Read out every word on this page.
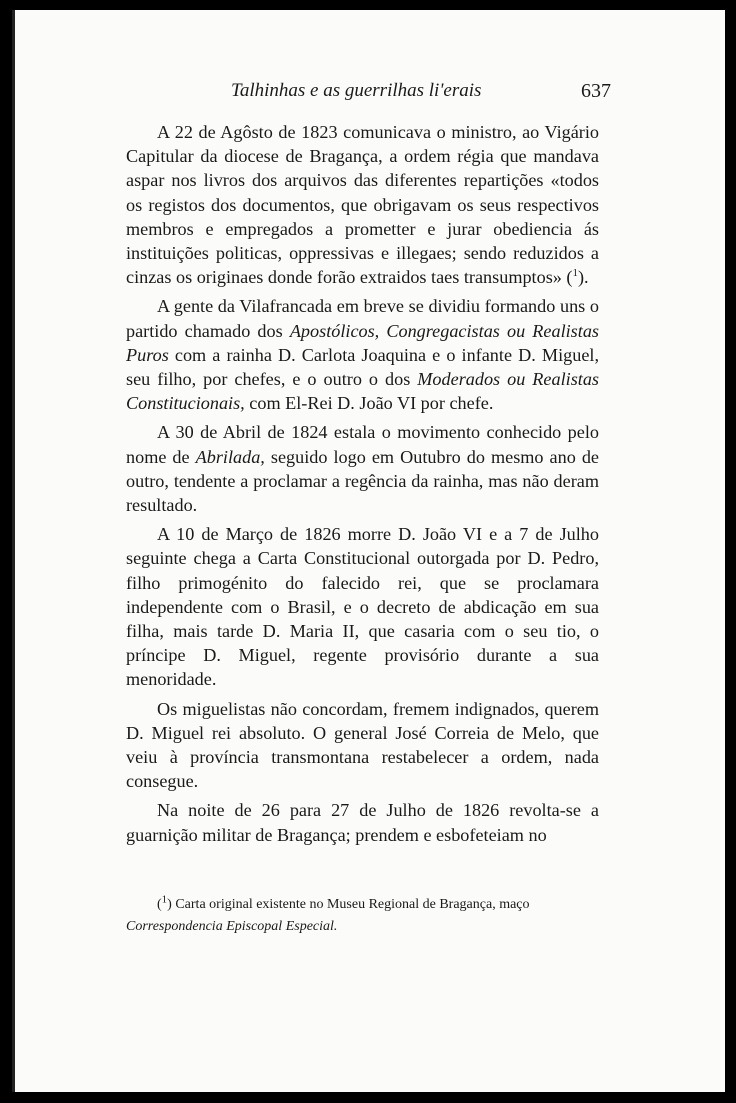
Talhinhas e as guerrilhas li'erais	637

A 22 de Agôsto de 1823 comunicava o ministro, ao Vigário Capitular da diocese de Bragança, a ordem régia que mandava aspar nos livros dos arquivos das diferentes repartições «todos os registos dos documentos, que obrigavam os seus respectivos membros e empregados a prometter e jurar obediencia ás instituições politicas, oppressivas e illegaes; sendo reduzidos a cinzas os originaes donde forão extraidos taes transumptos» ($^1$).

A gente da Vilafrancada em breve se dividiu formando uns o partido chamado dos Apostólicos, Congregacistas ou Realistas Puros com a rainha D. Carlota Joaquina e o infante D. Miguel, seu filho, por chefes, e o outro o dos Moderados ou Realistas Constitucionais, com El-Rei D. João VI por chefe.

A 30 de Abril de 1824 estala o movimento conhecido pelo nome de Abrilada, seguido logo em Outubro do mesmo ano de outro, tendente a proclamar a regência da rainha, mas não deram resultado.

A 10 de Março de 1826 morre D. João VI e a 7 de Julho seguinte chega a Carta Constitucional outorgada por D. Pedro, filho primogénito do falecido rei, que se proclamara independente com o Brasil, e o decreto de abdicação em sua filha, mais tarde D. Maria II, que casaria com o seu tio, o príncipe D. Miguel, regente provisório durante a sua menoridade.

Os miguelistas não concordam, fremem indignados, querem D. Miguel rei absoluto. O general José Correia de Melo, que veiu à província transmontana restabelecer a ordem, nada consegue.

Na noite de 26 para 27 de Julho de 1826 revolta-se a guarnição militar de Bragança; prendem e esbofeteiam no

($^1$) Carta original existente no Museu Regional de Bragança, maço Correspondencia Episcopal Especial.
